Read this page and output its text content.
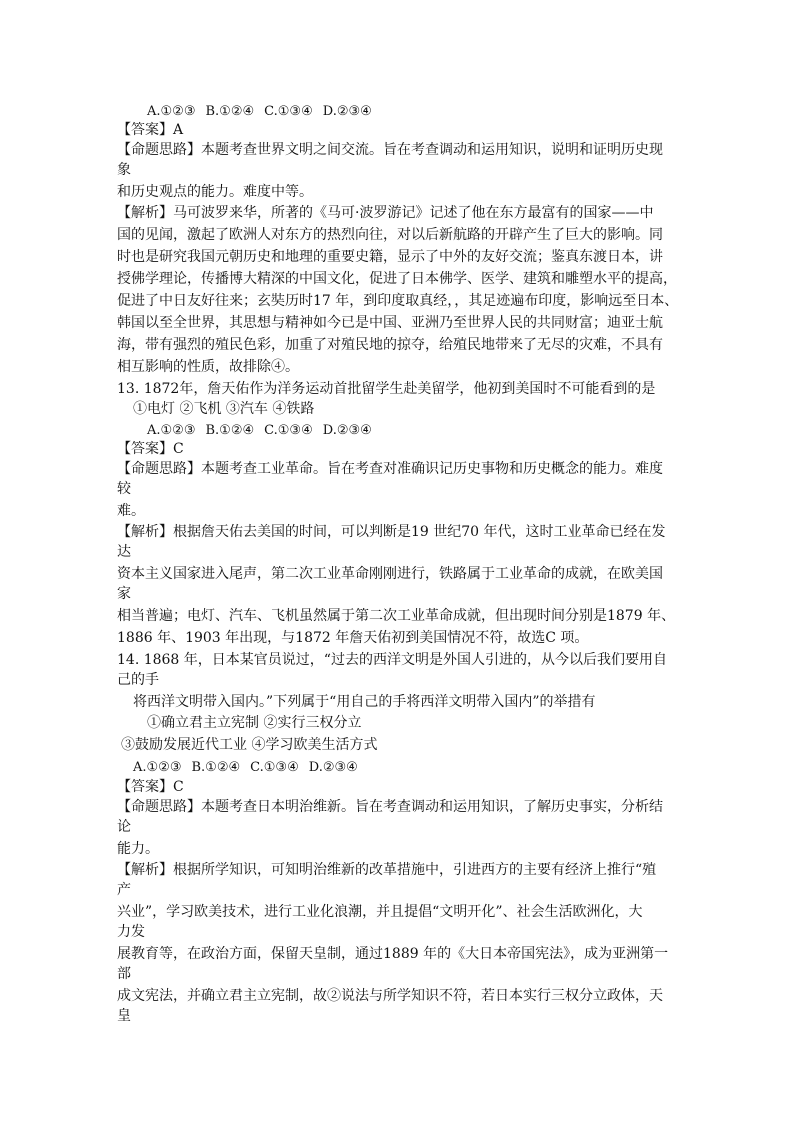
A.①②③ B.①②④ C.①③④ D.②③④
【答案】A
【命题思路】本题考查世界文明之间交流。旨在考查调动和运用知识，说明和证明历史现
象
和历史观点的能力。难度中等。
【解析】马可波罗来华，所著的《马可·波罗游记》记述了他在东方最富有的国家——中
国的见闻，激起了欧洲人对东方的热烈向往，对以后新航路的开辟产生了巨大的影响。同
时也是研究我国元朝历史和地理的重要史籍，显示了中外的友好交流；鉴真东渡日本，讲
授佛学理论，传播博大精深的中国文化，促进了日本佛学、医学、建筑和雕塑水平的提高，
促进了中日友好往来；玄奘历时17 年，到印度取真经，，其足迹遍布印度，影响远至日本、
韩国以至全世界，其思想与精神如今已是中国、亚洲乃至世界人民的共同财富；迪亚士航
海，带有强烈的殖民色彩，加重了对殖民地的掠夺，给殖民地带来了无尽的灾难，不具有
相互影响的性质，故排除④。
13. 1872年，詹天佑作为洋务运动首批留学生赴美留学，他初到美国时不可能看到的是
①电灯 ②飞机 ③汽车 ④铁路
A.①②③ B.①②④ C.①③④ D.②③④
【答案】C
【命题思路】本题考查工业革命。旨在考查对准确识记历史事物和历史概念的能力。难度
较
难。
【解析】根据詹天佑去美国的时间，可以判断是19 世纪70 年代，这时工业革命已经在发
达
资本主义国家进入尾声，第二次工业革命刚刚进行，铁路属于工业革命的成就，在欧美国
家
相当普遍；电灯、汽车、飞机虽然属于第二次工业革命成就，但出现时间分别是1879 年、
1886 年、1903 年出现，与1872 年詹天佑初到美国情况不符，故选C 项。
14. 1868 年，日本某官员说过，“过去的西洋文明是外国人引进的，从今以后我们要用自
己的手
将西洋文明带入国内。”下列属于“用自己的手将西洋文明带入国内”的举措有
①确立君主立宪制 ②实行三权分立
③鼓励发展近代工业 ④学习欧美生活方式
A.①②③ B.①②④ C.①③④ D.②③④
【答案】C
【命题思路】本题考查日本明治维新。旨在考查调动和运用知识，了解历史事实，分析结
论
能力。
【解析】根据所学知识，可知明治维新的改革措施中，引进西方的主要有经济上推行“殖
产
兴业”，学习欧美技术，进行工业化浪潮，并且提倡“文明开化”、社会生活欧洲化，大
力发
展教育等，在政治方面，保留天皇制，通过1889 年的《大日本帝国宪法》，成为亚洲第一
部
成文宪法，并确立君主立宪制，故②说法与所学知识不符，若日本实行三权分立政体，天
皇
